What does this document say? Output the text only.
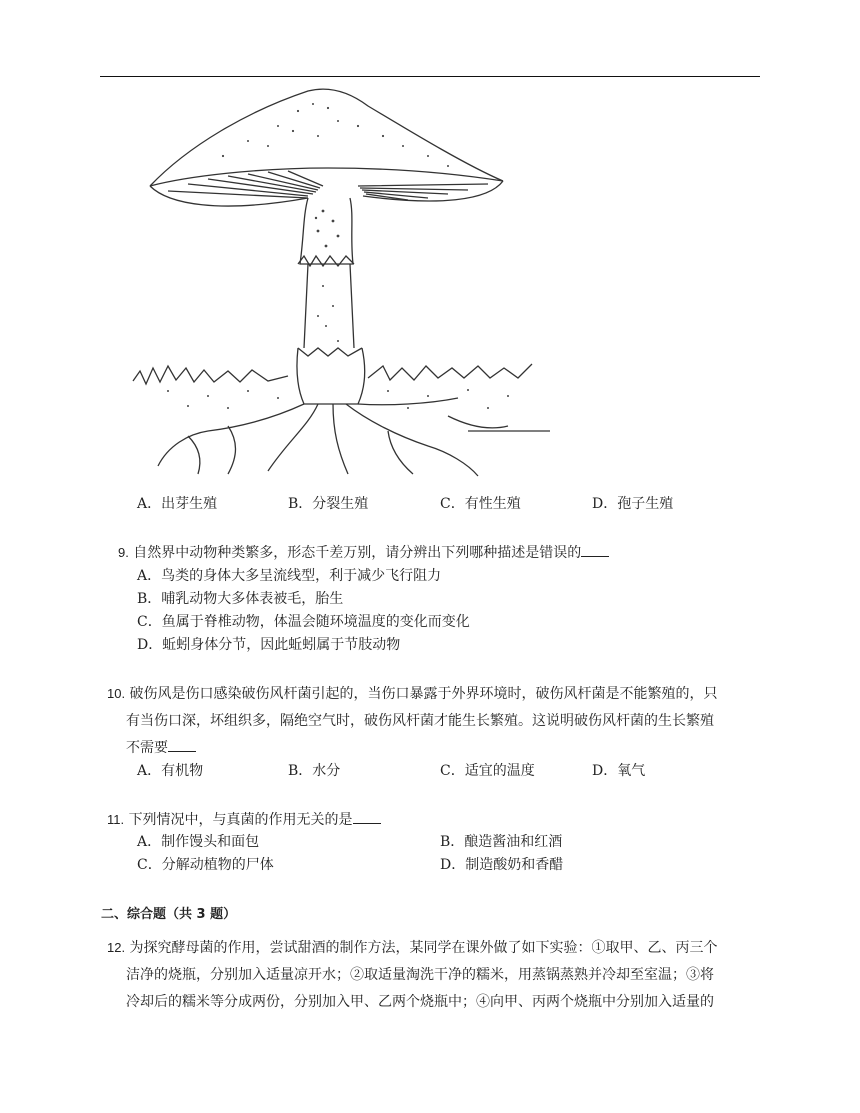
A．出芽生殖	B．分裂生殖	C．有性生殖	D．孢子生殖
9. 自然界中动物种类繁多，形态千差万别，请分辨出下列哪种描述是错误的
A．鸟类的身体大多呈流线型，利于减少飞行阻力
B．哺乳动物大多体表被毛，胎生
C．鱼属于脊椎动物，体温会随环境温度的变化而变化
D．蚯蚓身体分节，因此蚯蚓属于节肢动物
10. 破伤风是伤口感染破伤风杆菌引起的，当伤口暴露于外界环境时，破伤风杆菌是不能繁殖的，只
有当伤口深，坏组织多，隔绝空气时，破伤风杆菌才能生长繁殖。这说明破伤风杆菌的生长繁殖
不需要
A．有机物	B．水分	C．适宜的温度	D．氧气
11. 下列情况中，与真菌的作用无关的是
A．制作馒头和面包	B．酿造酱油和红酒
C．分解动植物的尸体	D．制造酸奶和香醋
二、综合题（共 3 题）
12. 为探究酵母菌的作用，尝试甜酒的制作方法，某同学在课外做了如下实验：①取甲、乙、丙三个
洁净的烧瓶，分别加入适量凉开水；②取适量淘洗干净的糯米，用蒸锅蒸熟并冷却至室温；③将
冷却后的糯米等分成两份，分别加入甲、乙两个烧瓶中；④向甲、丙两个烧瓶中分别加入适量的
